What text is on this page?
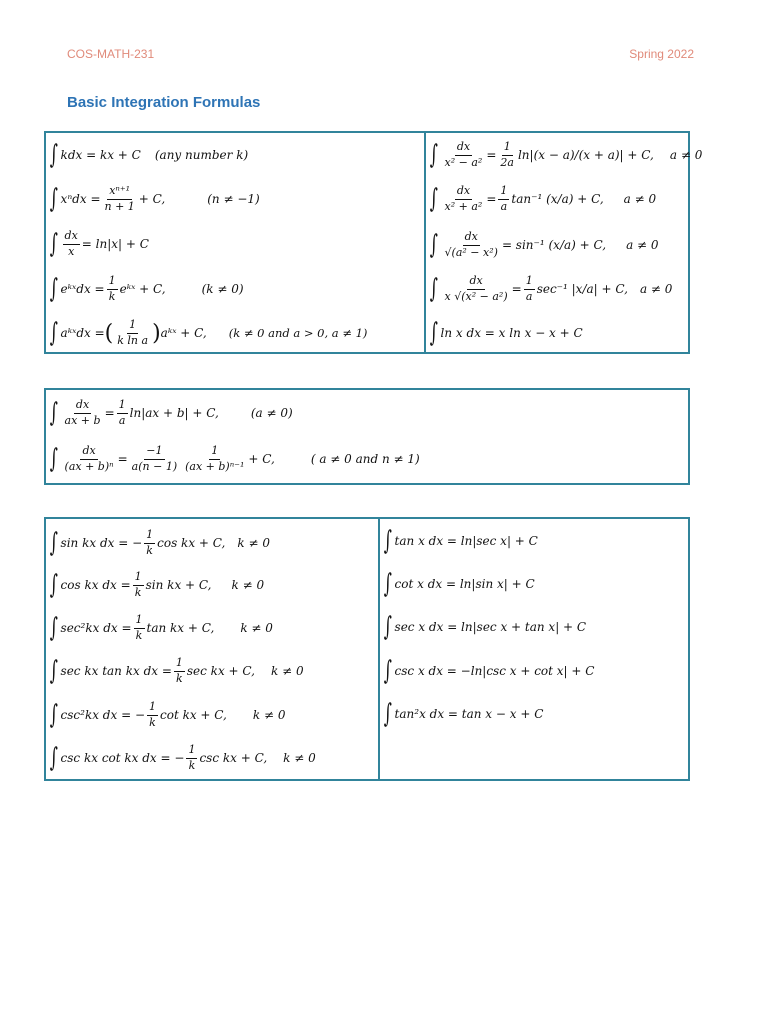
COS-MATH-231	Spring 2022
Basic Integration Formulas
∫ kdx = kx + C (any number k)
∫ $x^ndx = \frac{\text{xⁿ⁺¹}}{n + 1} + C$,	(n ≠ −1)
∫ $\frac{dx}{x} = \ln|x| + C$
∫ eᵏˣdx = $\frac{1}{k}$ eᵏˣ + C,	(k ≠ 0)
∫ aᵏˣdx = ( $\frac{1}{\text{k ln a}}$ ) aᵏˣ + C, (k ≠ 0 and a > 0, a ≠ 1)
∫ $\frac{dx}{\text{x² − a²}} = \frac{1}{2a} \ln|(x - a)/(x + a)| + C$, a ≠ 0
∫ $\frac{dx}{\text{x² + a²}} = \frac{1}{a} \tan^{-1}$ (x/a) + C, a ≠ 0
∫ $\frac{dx}{\text{√(a² − x²)}} = \sin^{-1}$ (x/a) + C, a ≠ 0
∫ $\frac{dx}{\text{x √(x² − a²)}} = \frac{1}{a} \sec^{-1}$ |x/a| + C, a ≠ 0
∫ ln x dx = x ln x − x + C
∫ $\frac{dx}{ax + b} = \frac{1}{a} \ln|ax + b| + C$,	(a ≠ 0)
∫ $\frac{dx}{\text{(ax + b)ⁿ}} = \frac{-1}{a(n - 1)} \frac{1}{\text{(ax + b)ⁿ⁻¹}} + C$,	( a ≠ 0 and n ≠ 1)
∫ sin kx dx = − $\frac{1}{k}$ cos kx + C, k ≠ 0
∫ cos kx dx = $\frac{1}{k}$ sin kx + C, k ≠ 0
∫ sec²kx dx = $\frac{1}{k}$ tan kx + C, k ≠ 0
∫ sec kx tan kx dx = $\frac{1}{k}$ sec kx + C, k ≠ 0
∫ csc²kx dx = − $\frac{1}{k}$ cot kx + C, k ≠ 0
∫ csc kx cot kx dx = − $\frac{1}{k}$ csc kx + C, k ≠ 0
∫ tan x dx = ln|sec x| + C
∫ cot x dx = ln|sin x| + C
∫ sec x dx = ln|sec x + tan x| + C
∫ csc x dx = −ln|csc x + cot x| + C
∫ tan²x dx = tan x − x + C
